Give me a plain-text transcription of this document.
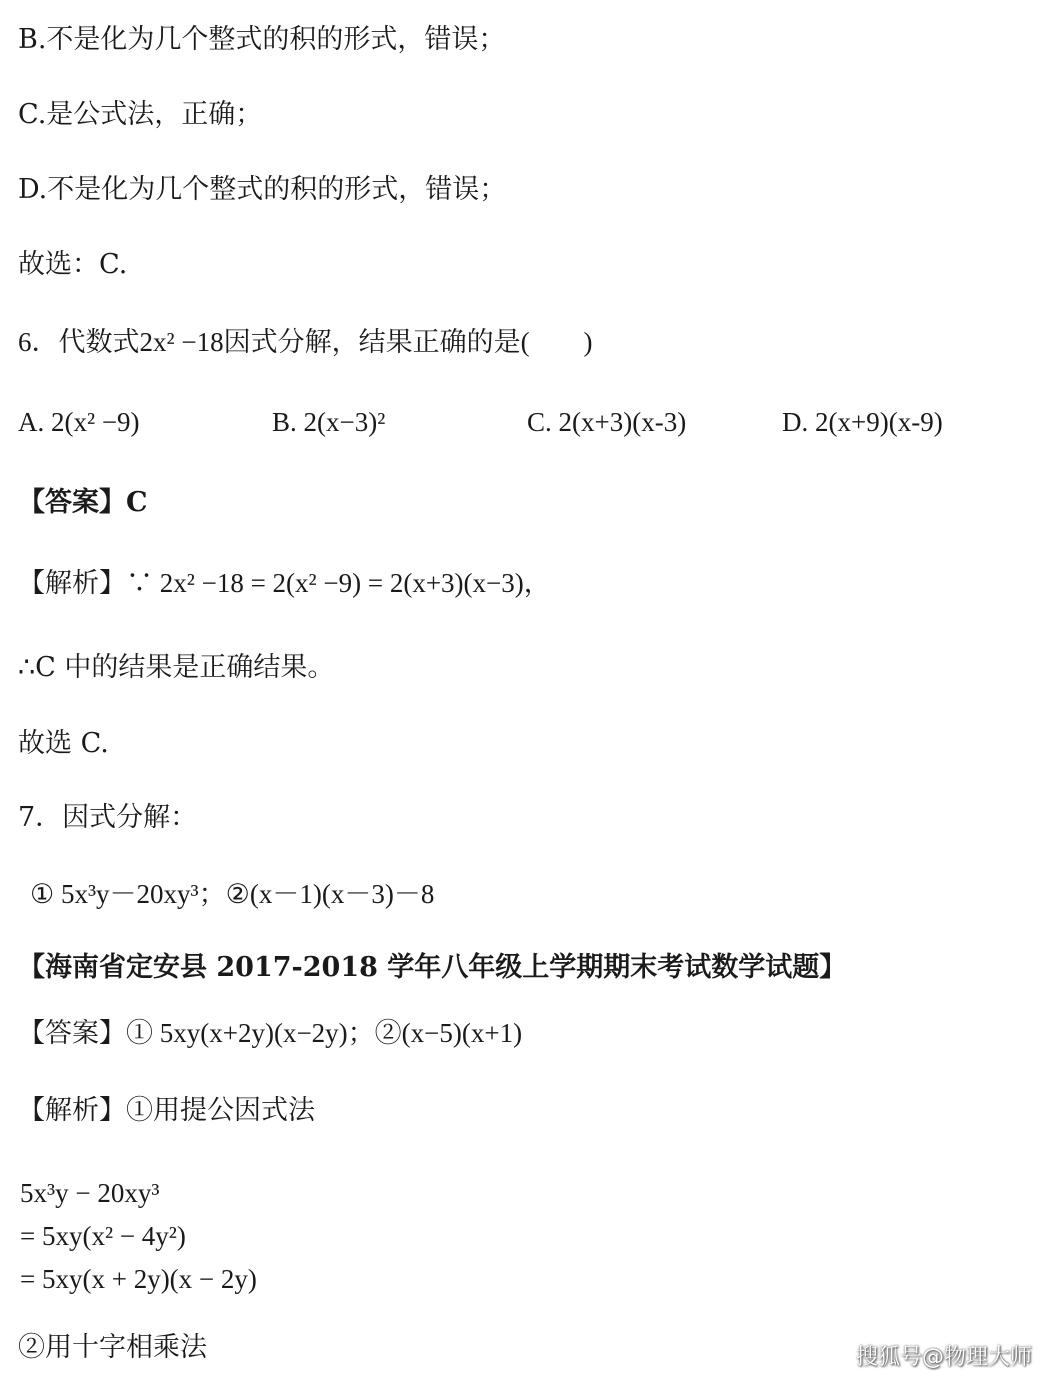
B.不是化为几个整式的积的形式，错误；
C.是公式法，正确；
D.不是化为几个整式的积的形式，错误；
故选：C.
6．代数式2x² −18因式分解，结果正确的是(　　)
A. 2(x² −9)	B. 2(x−3)²	C. 2(x+3)(x-3)	D. 2(x+9)(x-9)
【答案】C
【解析】∵ 2x² −18 = 2(x² −9) = 2(x+3)(x−3)，
∴C 中的结果是正确结果。
故选 C.
7．因式分解：
① 5x³y－20xy³；②(x－1)(x－3)－8
【海南省定安县 2017-2018 学年八年级上学期期末考试数学试题】
【答案】① 5xy(x+2y)(x−2y)；②(x−5)(x+1)
【解析】①用提公因式法
5x³y − 20xy³
= 5xy(x² − 4y²)
= 5xy(x + 2y)(x − 2y)
②用十字相乘法	搜狐号@物理大师
